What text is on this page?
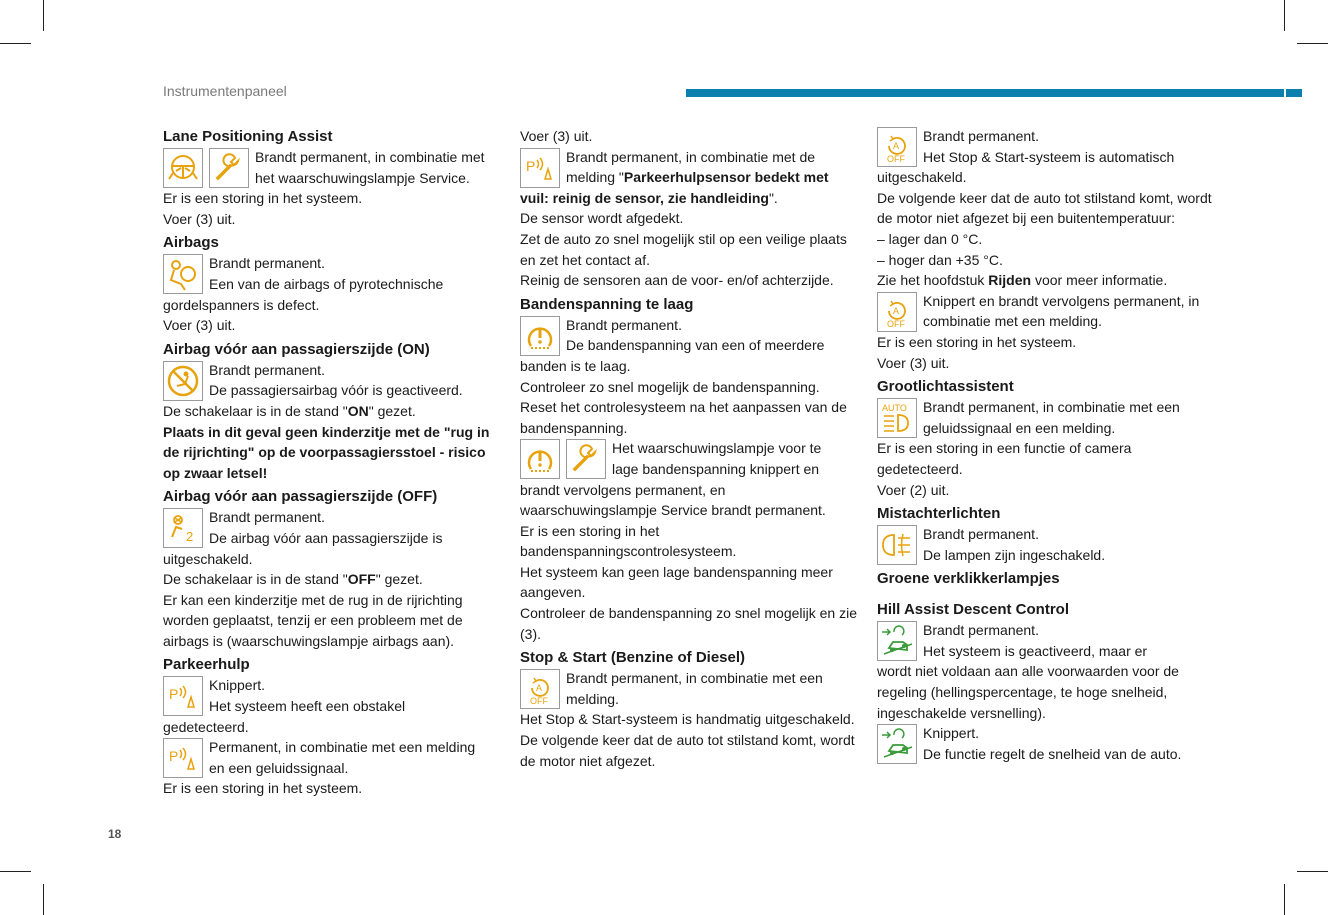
Instrumentenpaneel
18

Lane Positioning Assist

Brandt permanent, in combinatie met
het waarschuwingslampje Service.

Er is een storing in het systeem.

Voer (3) uit.

Airbags

Brandt permanent.
Een van de airbags of pyrotechnische

gordelspanners is defect.

Voer (3) uit.

Airbag vóór aan passagierszijde (ON)

Brandt permanent.
De passagiersairbag vóór is geactiveerd.

De schakelaar is in de stand "ON" gezet.

Plaats in dit geval geen kinderzitje met de "rug in de rijrichting" op de voorpassagiersstoel - risico op zwaar letsel!

Airbag vóór aan passagierszijde (OFF)

2
Brandt permanent.
De airbag vóór aan passagierszijde is

uitgeschakeld.

De schakelaar is in de stand "OFF" gezet.

Er kan een kinderzitje met de rug in de rijrichting worden geplaatst, tenzij er een probleem met de airbags is (waarschuwingslampje airbags aan).

Parkeerhulp

P
Knippert.
Het systeem heeft een obstakel

gedetecteerd.

P
Permanent, in combinatie met een melding
en een geluidssignaal.

Er is een storing in het systeem.

Voer (3) uit.

P
Brandt permanent, in combinatie met de
melding "Parkeerhulpsensor bedekt met vuil: reinig de sensor, zie handleiding".

De sensor wordt afgedekt.

Zet de auto zo snel mogelijk stil op een veilige plaats en zet het contact af.

Reinig de sensoren aan de voor- en/of achterzijde.

Bandenspanning te laag

Brandt permanent.
De bandenspanning van een of meerdere

banden is te laag.

Controleer zo snel mogelijk de bandenspanning.

Reset het controlesysteem na het aanpassen van de bandenspanning.

Het waarschuwingslampje voor te
lage bandenspanning knippert en

brandt vervolgens permanent, en waarschuwingslampje Service brandt permanent.

Er is een storing in het bandenspanningscontrolesysteem.

Het systeem kan geen lage bandenspanning meer aangeven.

Controleer de bandenspanning zo snel mogelijk en zie (3).

Stop & Start (Benzine of Diesel)

A
OFF
Brandt permanent, in combinatie met een
melding.

Het Stop & Start-systeem is handmatig uitgeschakeld.

De volgende keer dat de auto tot stilstand komt, wordt de motor niet afgezet.

A
OFF
Brandt permanent.
Het Stop & Start-systeem is automatisch

uitgeschakeld.

De volgende keer dat de auto tot stilstand komt, wordt de motor niet afgezet bij een buitentemperatuur:

– lager dan 0 °C.

– hoger dan +35 °C.

Zie het hoofdstuk Rijden voor meer informatie.

A
OFF
Knippert en brandt vervolgens permanent, in
combinatie met een melding.

Er is een storing in het systeem.

Voer (3) uit.

Grootlichtassistent

AUTO	Brandt permanent, in combinatie met een
geluidssignaal en een melding.

Er is een storing in een functie of camera gedetecteerd.

Voer (2) uit.

Mistachterlichten

Brandt permanent.
De lampen zijn ingeschakeld.

Groene verklikkerlampjes

Hill Assist Descent Control

Brandt permanent.
Het systeem is geactiveerd, maar er

wordt niet voldaan aan alle voorwaarden voor de regeling (hellingspercentage, te hoge snelheid, ingeschakelde versnelling).

Knippert.
De functie regelt de snelheid van de auto.
